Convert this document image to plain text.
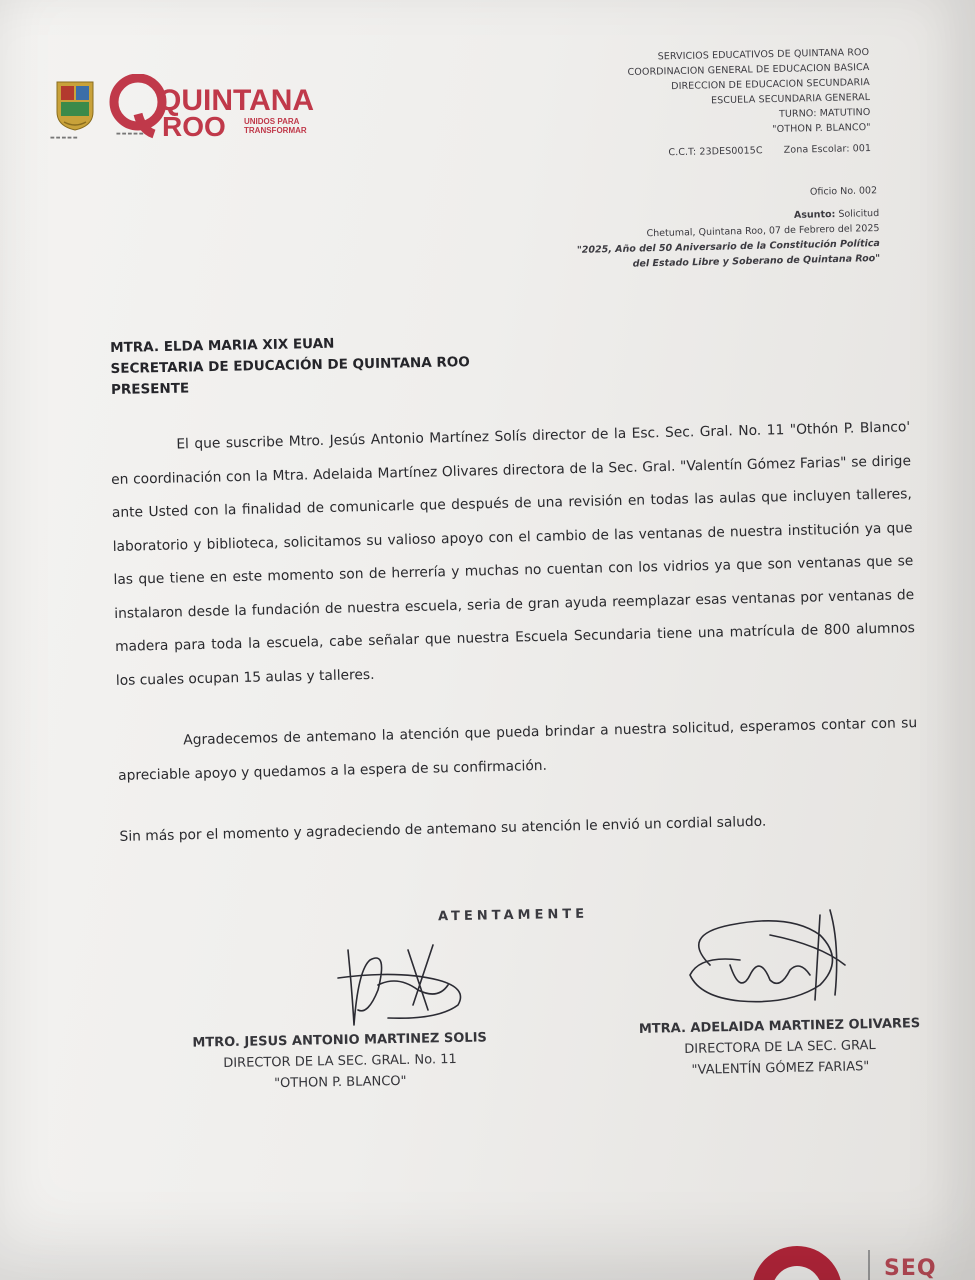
▬▬▬▬▬
QUINTANA
ROO UNIDOS PARA
TRANSFORMAR
▬▬▬▬▬
SERVICIOS EDUCATIVOS DE QUINTANA ROO
COORDINACION GENERAL DE EDUCACION BASICA
DIRECCION DE EDUCACION SECUNDARIA
ESCUELA SECUNDARIA GENERAL
TURNO: MATUTINO
"OTHON P. BLANCO"
C.C.T: 23DES0015C Zona Escolar: 001
Oficio No. 002
Asunto: Solicitud
Chetumal, Quintana Roo, 07 de Febrero del 2025
"2025, Año del 50 Aniversario de la Constitución Política
del Estado Libre y Soberano de Quintana Roo"
MTRA. ELDA MARIA XIX EUAN
SECRETARIA DE EDUCACIÓN DE QUINTANA ROO
PRESENTE

El que suscribe Mtro. Jesús Antonio Martínez Solís director de la Esc. Sec. Gral. No. 11 "Othón P. Blanco' en coordinación con la Mtra. Adelaida Martínez Olivares directora de la Sec. Gral. "Valentín Gómez Farias" se dirige ante Usted con la finalidad de comunicarle que después de una revisión en todas las aulas que incluyen talleres, laboratorio y biblioteca, solicitamos su valioso apoyo con el cambio de las ventanas de nuestra institución ya que las que tiene en este momento son de herrería y muchas no cuentan con los vidrios ya que son ventanas que se instalaron desde la fundación de nuestra escuela, seria de gran ayuda reemplazar esas ventanas por ventanas de madera para toda la escuela, cabe señalar que nuestra Escuela Secundaria tiene una matrícula de 800 alumnos los cuales ocupan 15 aulas y talleres.

Agradecemos de antemano la atención que pueda brindar a nuestra solicitud, esperamos contar con su apreciable apoyo y quedamos a la espera de su confirmación.

Sin más por el momento y agradeciendo de antemano su atención le envió un cordial saludo.

ATENTAMENTE
MTRO. JESUS ANTONIO MARTINEZ SOLIS
DIRECTOR DE LA SEC. GRAL. No. 11
"OTHON P. BLANCO"
MTRA. ADELAIDA MARTINEZ OLIVARES
DIRECTORA DE LA SEC. GRAL
"VALENTÍN GÓMEZ FARIAS"
SEQ
